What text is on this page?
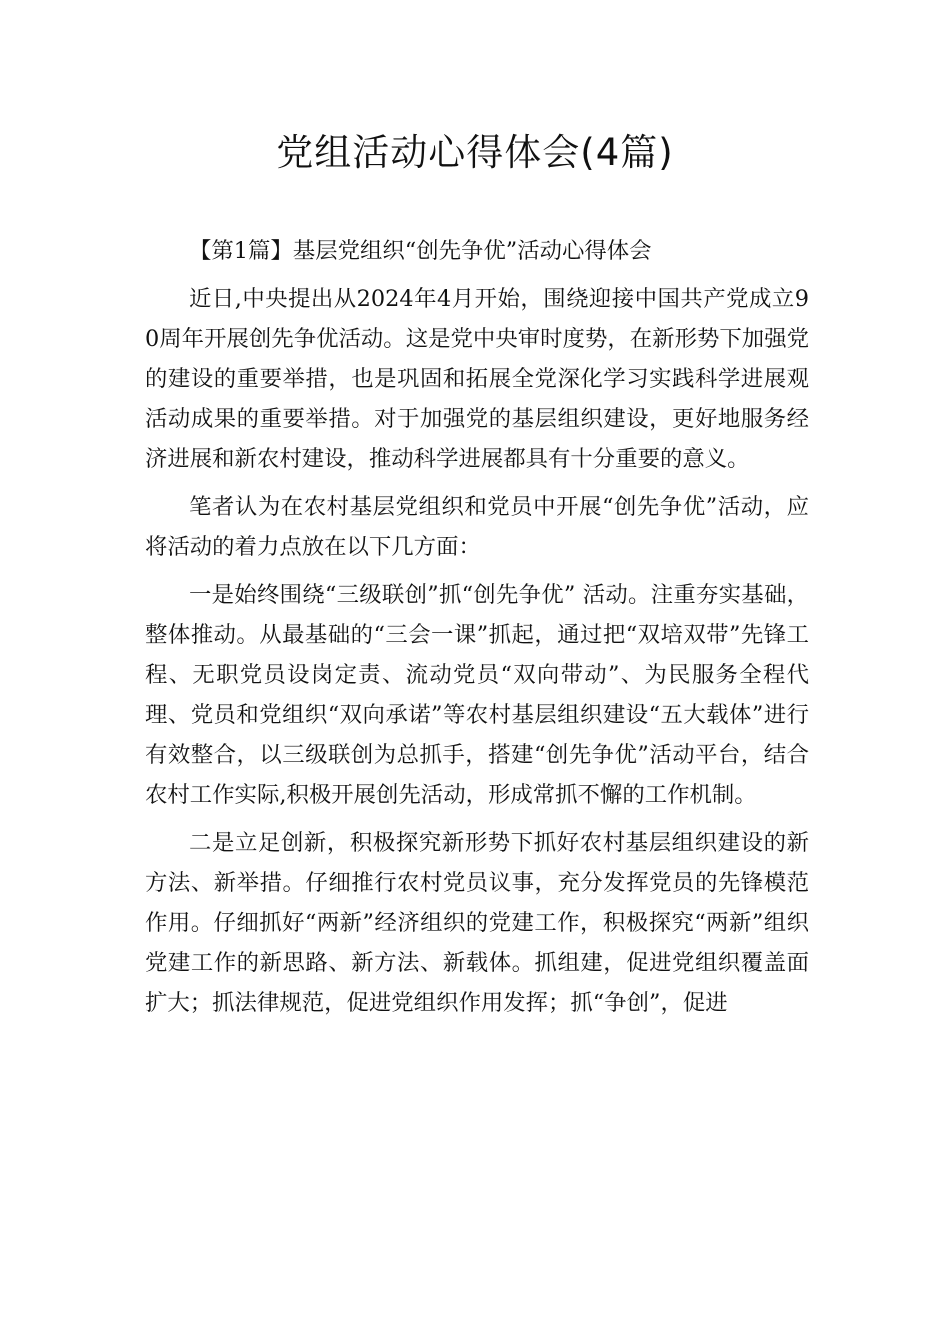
党组活动心得体会(4篇)

【第1篇】基层党组织“创先争优”活动心得体会

近日,中央提出从2024年4月开始，围绕迎接中国共产党成立90周年开展创先争优活动。这是党中央审时度势，在新形势下加强党的建设的重要举措，也是巩固和拓展全党深化学习实践科学进展观活动成果的重要举措。对于加强党的基层组织建设，更好地服务经济进展和新农村建设，推动科学进展都具有十分重要的意义。

笔者认为在农村基层党组织和党员中开展“创先争优”活动，应将活动的着力点放在以下几方面：

一是始终围绕“三级联创”抓“创先争优” 活动。注重夯实基础，整体推动。从最基础的“三会一课”抓起，通过把“双培双带”先锋工程、无职党员设岗定责、流动党员“双向带动”、为民服务全程代理、党员和党组织“双向承诺”等农村基层组织建设“五大载体”进行有效整合，以三级联创为总抓手，搭建“创先争优”活动平台，结合农村工作实际,积极开展创先活动，形成常抓不懈的工作机制。

二是立足创新，积极探究新形势下抓好农村基层组织建设的新方法、新举措。仔细推行农村党员议事，充分发挥党员的先锋模范作用。仔细抓好“两新”经济组织的党建工作，积极探究“两新”组织党建工作的新思路、新方法、新载体。抓组建，促进党组织覆盖面扩大；抓法律规范，促进党组织作用发挥；抓“争创”，促进
